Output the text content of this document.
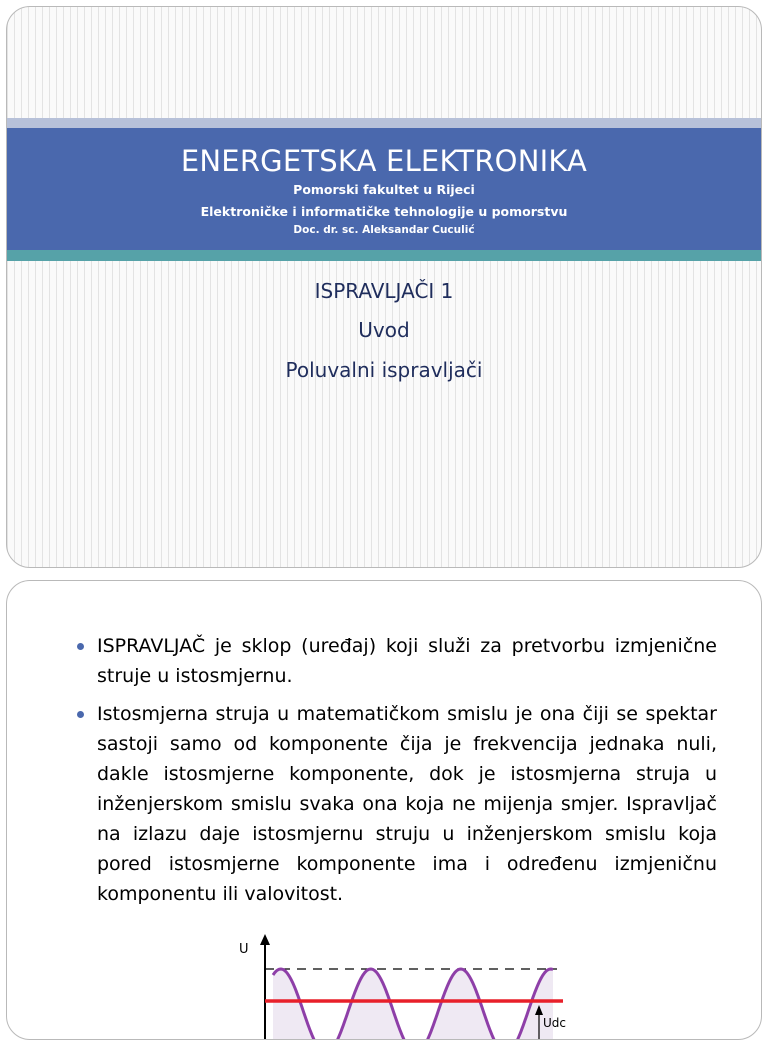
ENERGETSKA ELEKTRONIKA
Pomorski fakultet u Rijeci
Elektroničke i informatičke tehnologije u pomorstvu
Doc. dr. sc. Aleksandar Cuculić
ISPRAVLJAČI 1
Uvod
Poluvalni ispravljači
ISPRAVLJAČ je sklop (uređaj) koji služi za pretvorbu izmjenične struje u istosmjernu.
Istosmjerna struja u matematičkom smislu je ona čiji se spektar sastoji samo od komponente čija je frekvencija jednaka nuli, dakle istosmjerne komponente, dok je istosmjerna struja u inženjerskom smislu svaka ona koja ne mijenja smjer. Ispravljač na izlazu daje istosmjernu struju u inženjerskom smislu koja pored istosmjerne komponente ima i određenu izmjeničnu komponentu ili valovitost.
U
Udc
